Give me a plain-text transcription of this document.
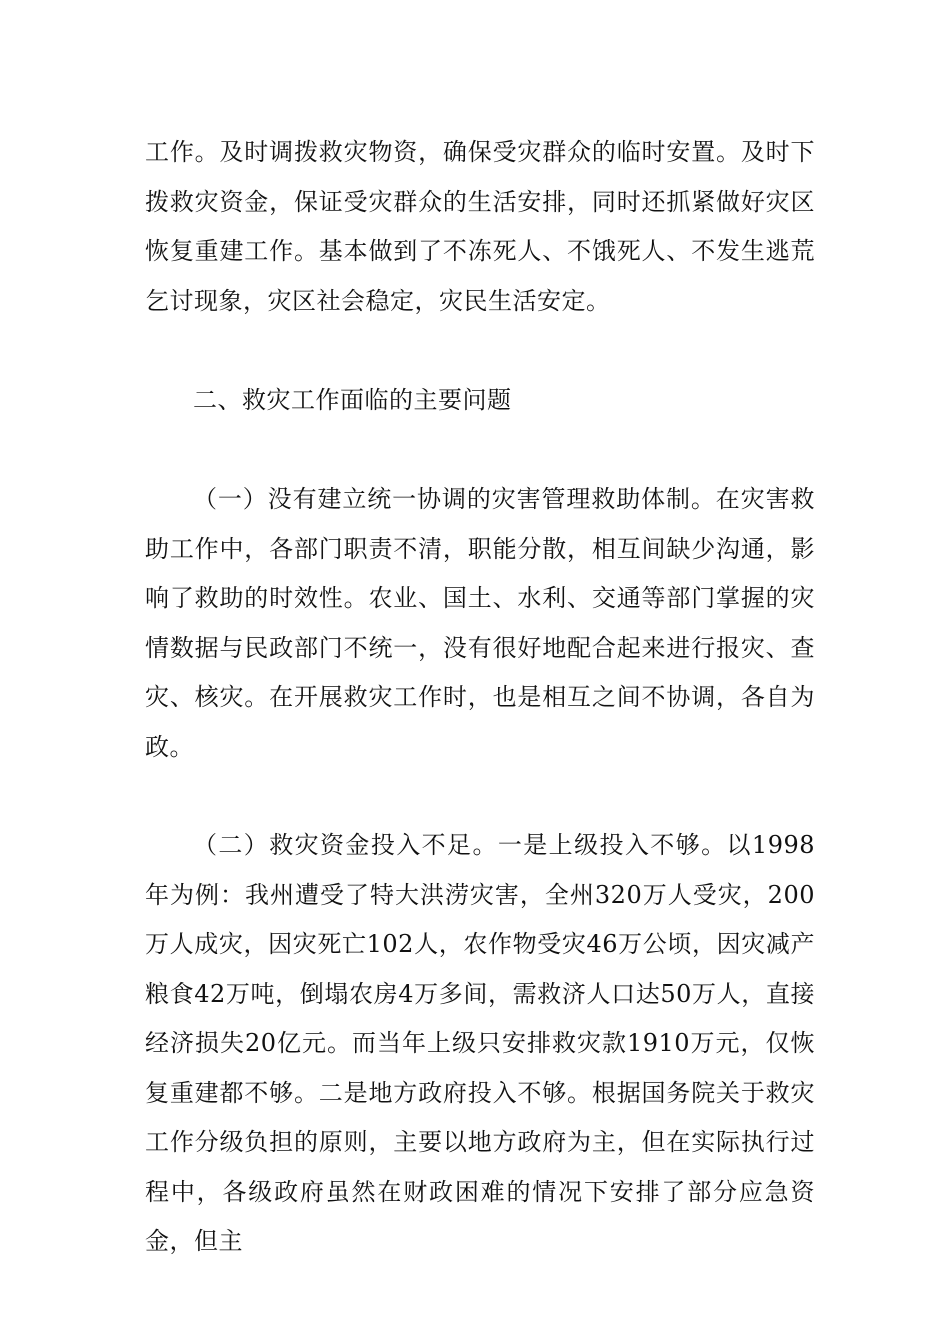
工作。及时调拨救灾物资，确保受灾群众的临时安置。及时下拨救灾资金，保证受灾群众的生活安排，同时还抓紧做好灾区恢复重建工作。基本做到了不冻死人、不饿死人、不发生逃荒乞讨现象，灾区社会稳定，灾民生活安定。

二、救灾工作面临的主要问题

（一）没有建立统一协调的灾害管理救助体制。在灾害救助工作中，各部门职责不清，职能分散，相互间缺少沟通，影响了救助的时效性。农业、国土、水利、交通等部门掌握的灾情数据与民政部门不统一，没有很好地配合起来进行报灾、查灾、核灾。在开展救灾工作时，也是相互之间不协调，各自为政。

（二）救灾资金投入不足。一是上级投入不够。以1998年为例：我州遭受了特大洪涝灾害，全州320万人受灾，200万人成灾，因灾死亡102人，农作物受灾46万公顷，因灾减产粮食42万吨，倒塌农房4万多间，需救济人口达50万人，直接经济损失20亿元。而当年上级只安排救灾款1910万元，仅恢复重建都不够。二是地方政府投入不够。根据国务院关于救灾工作分级负担的原则，主要以地方政府为主，但在实际执行过程中，各级政府虽然在财政困难的情况下安排了部分应急资金，但主
